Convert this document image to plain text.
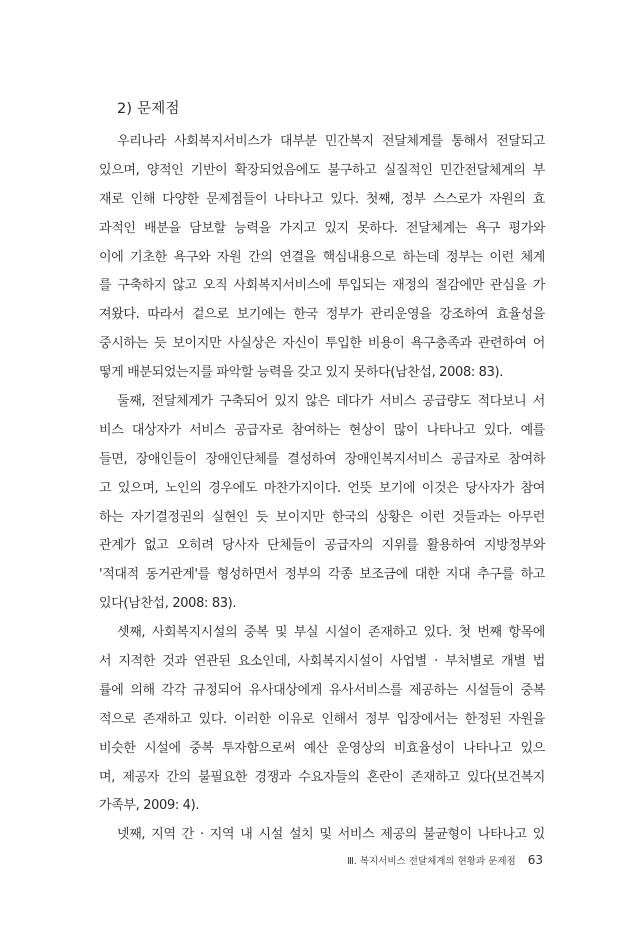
2) 문제점
우리나라 사회복지서비스가 대부분 민간복지 전달체계를 통해서 전달되고
있으며, 양적인 기반이 확장되었음에도 불구하고 실질적인 민간전달체계의 부
재로 인해 다양한 문제점들이 나타나고 있다. 첫째, 정부 스스로가 자원의 효
과적인 배분을 담보할 능력을 가지고 있지 못하다. 전달체계는 욕구 평가와
이에 기초한 욕구와 자원 간의 연결을 핵심내용으로 하는데 정부는 이런 체계
를 구축하지 않고 오직 사회복지서비스에 투입되는 재정의 절감에만 관심을 가
져왔다. 따라서 겉으로 보기에는 한국 정부가 관리운영을 강조하여 효율성을
중시하는 듯 보이지만 사실상은 자신이 투입한 비용이 욕구충족과 관련하여 어
떻게 배분되었는지를 파악할 능력을 갖고 있지 못하다(남찬섭, 2008: 83).
둘째, 전달체계가 구축되어 있지 않은 데다가 서비스 공급량도 적다보니 서
비스 대상자가 서비스 공급자로 참여하는 현상이 많이 나타나고 있다. 예를
들면, 장애인들이 장애인단체를 결성하여 장애인복지서비스 공급자로 참여하
고 있으며, 노인의 경우에도 마찬가지이다. 언뜻 보기에 이것은 당사자가 참여
하는 자기결정권의 실현인 듯 보이지만 한국의 상황은 이런 것들과는 아무런
관계가 없고 오히려 당사자 단체들이 공급자의 지위를 활용하여 지방정부와
'적대적 동거관계'를 형성하면서 정부의 각종 보조금에 대한 지대 추구를 하고
있다(남찬섭, 2008: 83).
셋째, 사회복지시설의 중복 및 부실 시설이 존재하고 있다. 첫 번째 항목에
서 지적한 것과 연관된 요소인데, 사회복지시설이 사업별 · 부처별로 개별 법
률에 의해 각각 규정되어 유사대상에게 유사서비스를 제공하는 시설들이 중복
적으로 존재하고 있다. 이러한 이유로 인해서 정부 입장에서는 한정된 자원을
비슷한 시설에 중복 투자함으로써 예산 운영상의 비효율성이 나타나고 있으
며, 제공자 간의 불필요한 경쟁과 수요자들의 혼란이 존재하고 있다(보건복지
가족부, 2009: 4).
넷째, 지역 간 · 지역 내 시설 설치 및 서비스 제공의 불균형이 나타나고 있
Ⅲ. 복지서비스 전달체계의 현황과 문제점 63
